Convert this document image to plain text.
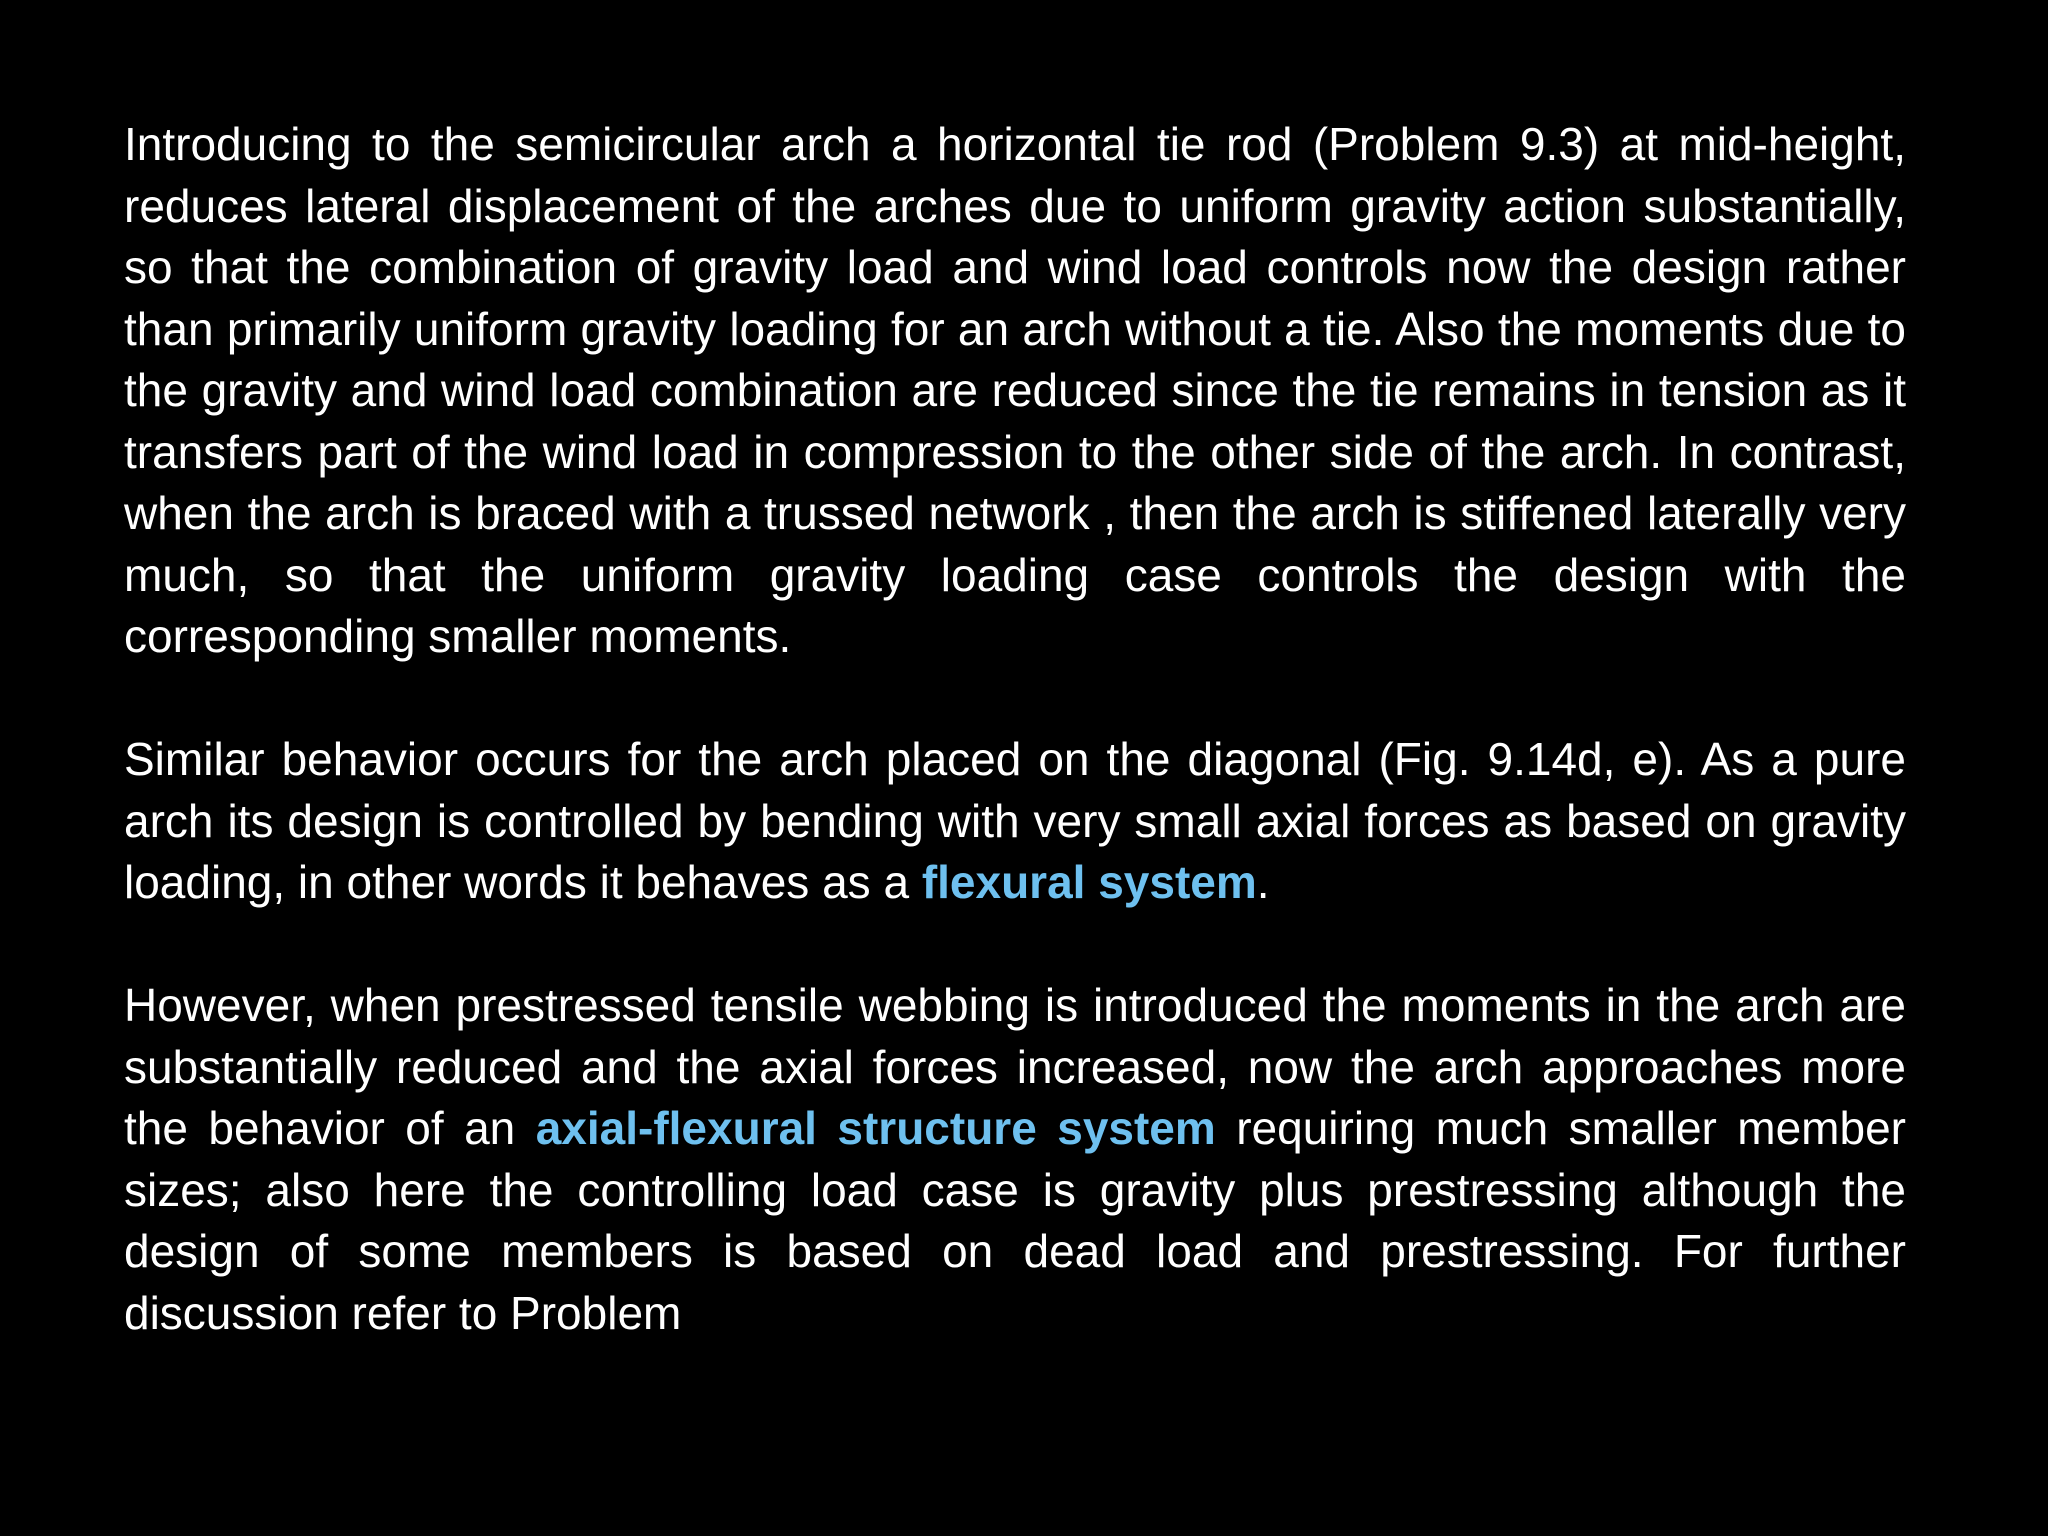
Introducing to the semicircular arch a horizontal tie rod (Problem 9.3) at mid-height, reduces lateral displacement of the arches due to uniform gravity action substantially, so that the combination of gravity load and wind load controls now the design rather than primarily uniform gravity loading for an arch without a tie. Also the moments due to the gravity and wind load combination are reduced since the tie remains in tension as it transfers part of the wind load in compression to the other side of the arch. In contrast, when the arch is braced with a trussed network , then the arch is stiffened laterally very much, so that the uniform gravity loading case controls the design with the corresponding smaller moments.

Similar behavior occurs for the arch placed on the diagonal (Fig. 9.14d, e). As a pure arch its design is controlled by bending with very small axial forces as based on gravity loading, in other words it behaves as a flexural system.

However, when prestressed tensile webbing is introduced the moments in the arch are substantially reduced and the axial forces increased, now the arch approaches more the behavior of an axial-flexural structure system requiring much smaller member sizes; also here the controlling load case is gravity plus prestressing although the design of some members is based on dead load and prestressing. For further discussion refer to Problem
